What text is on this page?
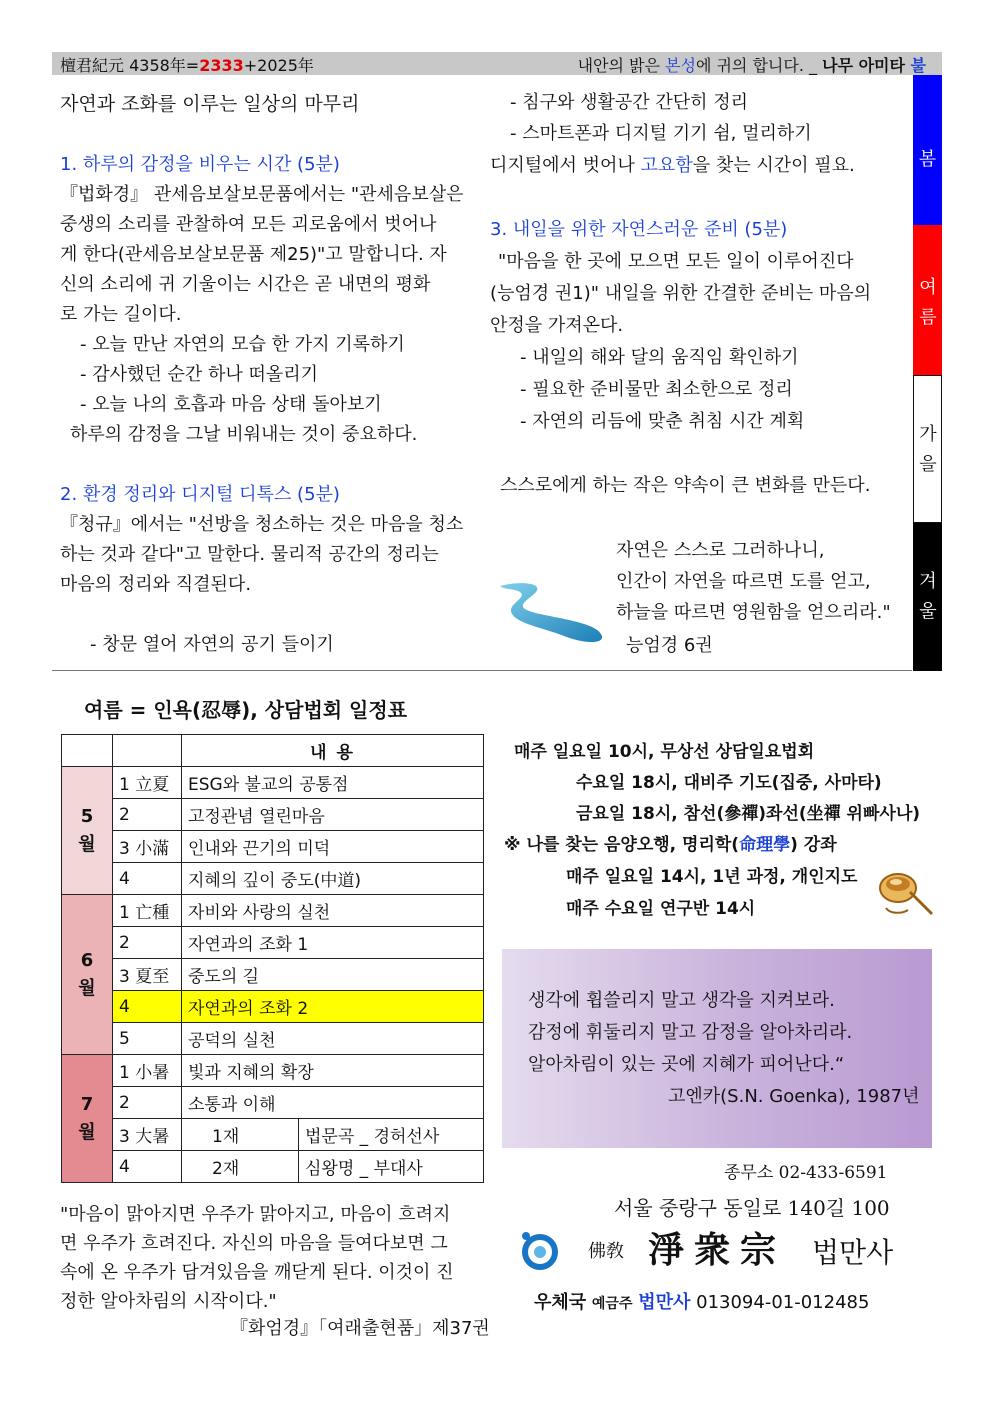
檀君紀元 4358年=2333+2025年	내안의 밝은 본성에 귀의 합니다. _ 나무 아미타 불
봄
여름
가을
겨울
자연과 조화를 이루는 일상의 마무리
1. 하루의 감정을 비우는 시간 (5분)
『법화경』 관세음보살보문품에서는 "관세음보살은
중생의 소리를 관찰하여 모든 괴로움에서 벗어나
게 한다(관세음보살보문품 제25)"고 말합니다. 자
신의 소리에 귀 기울이는 시간은 곧 내면의 평화
로 가는 길이다.
- 오늘 만난 자연의 모습 한 가지 기록하기
- 감사했던 순간 하나 떠올리기
- 오늘 나의 호흡과 마음 상태 돌아보기
하루의 감정을 그날 비워내는 것이 중요하다.
2. 환경 정리와 디지털 디톡스 (5분)
『청규』에서는 "선방을 청소하는 것은 마음을 청소
하는 것과 같다"고 말한다. 물리적 공간의 정리는
마음의 정리와 직결된다.
- 창문 열어 자연의 공기 들이기
- 침구와 생활공간 간단히 정리
- 스마트폰과 디지털 기기 쉼, 멀리하기
디지털에서 벗어나 고요함을 찾는 시간이 필요.
3. 내일을 위한 자연스러운 준비 (5분)
"마음을 한 곳에 모으면 모든 일이 이루어진다
(능엄경 권1)" 내일을 위한 간결한 준비는 마음의
안정을 가져온다.
- 내일의 해와 달의 움직임 확인하기
- 필요한 준비물만 최소한으로 정리
- 자연의 리듬에 맞춘 취침 시간 계획
스스로에게 하는 작은 약속이 큰 변화를 만든다.
자연은 스스로 그러하나니,
인간이 자연을 따르면 도를 얻고,
하늘을 따르면 영원함을 얻으리라."
능엄경 6권
여름 = 인욕(忍辱), 상담법회 일정표
		내 용	
5
월	1 立夏	ESG와 불교의 공통점	
	2	고정관념 열린마음	
	3 小滿	인내와 끈기의 미덕	
	4	지혜의 깊이 중도(中道)	
6
월	1 亡種	자비와 사랑의 실천	
	2	자연과의 조화 1	
	3 夏至	중도의 길	
	4	자연과의 조화 2	
	5	공덕의 실천	
7
월	1 小暑	빛과 지혜의 확장	
	2	소통과 이해	
	3 大暑	1재	법문곡 _ 경허선사
	4	2재	심왕명 _ 부대사
매주 일요일 10시, 무상선 상담일요법회
수요일 18시, 대비주 기도(집중, 사마타)
금요일 18시, 참선(參禪)좌선(坐禪 위빠사나)
※ 나를 찾는 음양오행, 명리학(命理學) 강좌
매주 일요일 14시, 1년 과정, 개인지도
매주 수요일 연구반 14시
생각에 휩쓸리지 말고 생각을 지켜보라.
감정에 휘둘리지 말고 감정을 알아차리라.
알아차림이 있는 곳에 지혜가 피어난다.“
고엔카(S.N. Goenka), 1987년
"마음이 맑아지면 우주가 맑아지고, 마음이 흐려지
면 우주가 흐려진다. 자신의 마음을 들여다보면 그
속에 온 우주가 담겨있음을 깨닫게 된다. 이것이 진
정한 알아차림의 시작이다."
『화엄경』「여래출현품」제37권
종무소 02-433-6591
서울 중랑구 동일로 140길 100
佛敎 淨衆宗 법만사
우체국 예금주 법만사 013094-01-012485
